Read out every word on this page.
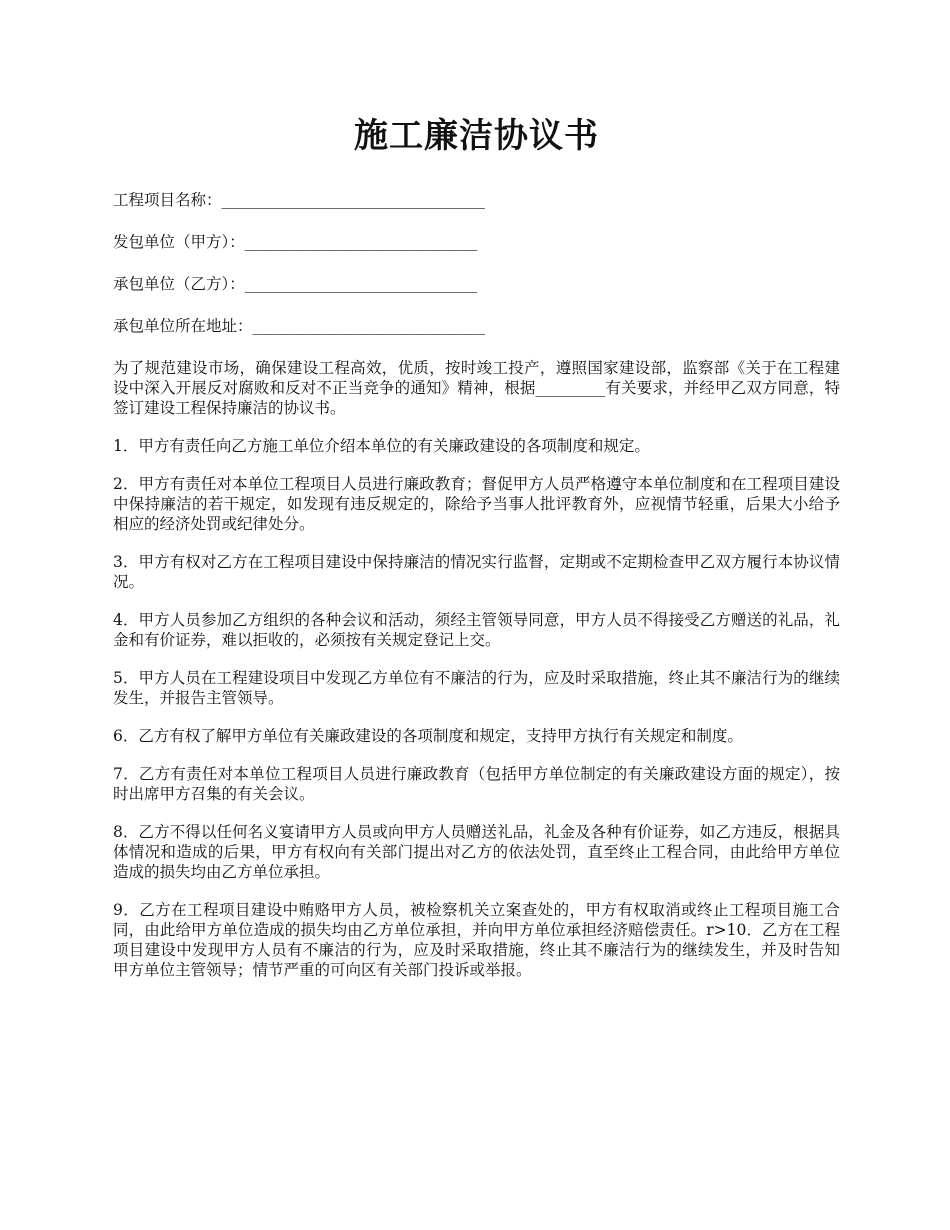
施工廉洁协议书
工程项目名称：__________________________________
发包单位（甲方）：______________________________
承包单位（乙方）：______________________________
承包单位所在地址：______________________________

为了规范建设市场，确保建设工程高效，优质，按时竣工投产，遵照国家建设部，监察部《关于在工程建设中深入开展反对腐败和反对不正当竞争的通知》精神，根据_________有关要求，并经甲乙双方同意，特签订建设工程保持廉洁的协议书。

1．甲方有责任向乙方施工单位介绍本单位的有关廉政建设的各项制度和规定。

2．甲方有责任对本单位工程项目人员进行廉政教育；督促甲方人员严格遵守本单位制度和在工程项目建设中保持廉洁的若干规定，如发现有违反规定的，除给予当事人批评教育外，应视情节轻重，后果大小给予相应的经济处罚或纪律处分。

3．甲方有权对乙方在工程项目建设中保持廉洁的情况实行监督，定期或不定期检查甲乙双方履行本协议情况。

4．甲方人员参加乙方组织的各种会议和活动，须经主管领导同意，甲方人员不得接受乙方赠送的礼品，礼金和有价证券，难以拒收的，必须按有关规定登记上交。

5．甲方人员在工程建设项目中发现乙方单位有不廉洁的行为，应及时采取措施，终止其不廉洁行为的继续发生，并报告主管领导。

6．乙方有权了解甲方单位有关廉政建设的各项制度和规定，支持甲方执行有关规定和制度。

7．乙方有责任对本单位工程项目人员进行廉政教育（包括甲方单位制定的有关廉政建设方面的规定），按时出席甲方召集的有关会议。

8．乙方不得以任何名义宴请甲方人员或向甲方人员赠送礼品，礼金及各种有价证券，如乙方违反，根据具体情况和造成的后果，甲方有权向有关部门提出对乙方的依法处罚，直至终止工程合同，由此给甲方单位造成的损失均由乙方单位承担。

9．乙方在工程项目建设中贿赂甲方人员，被检察机关立案查处的，甲方有权取消或终止工程项目施工合同，由此给甲方单位造成的损失均由乙方单位承担，并向甲方单位承担经济赔偿责任。r>10．乙方在工程项目建设中发现甲方人员有不廉洁的行为，应及时采取措施，终止其不廉洁行为的继续发生，并及时告知甲方单位主管领导；情节严重的可向区有关部门投诉或举报。
